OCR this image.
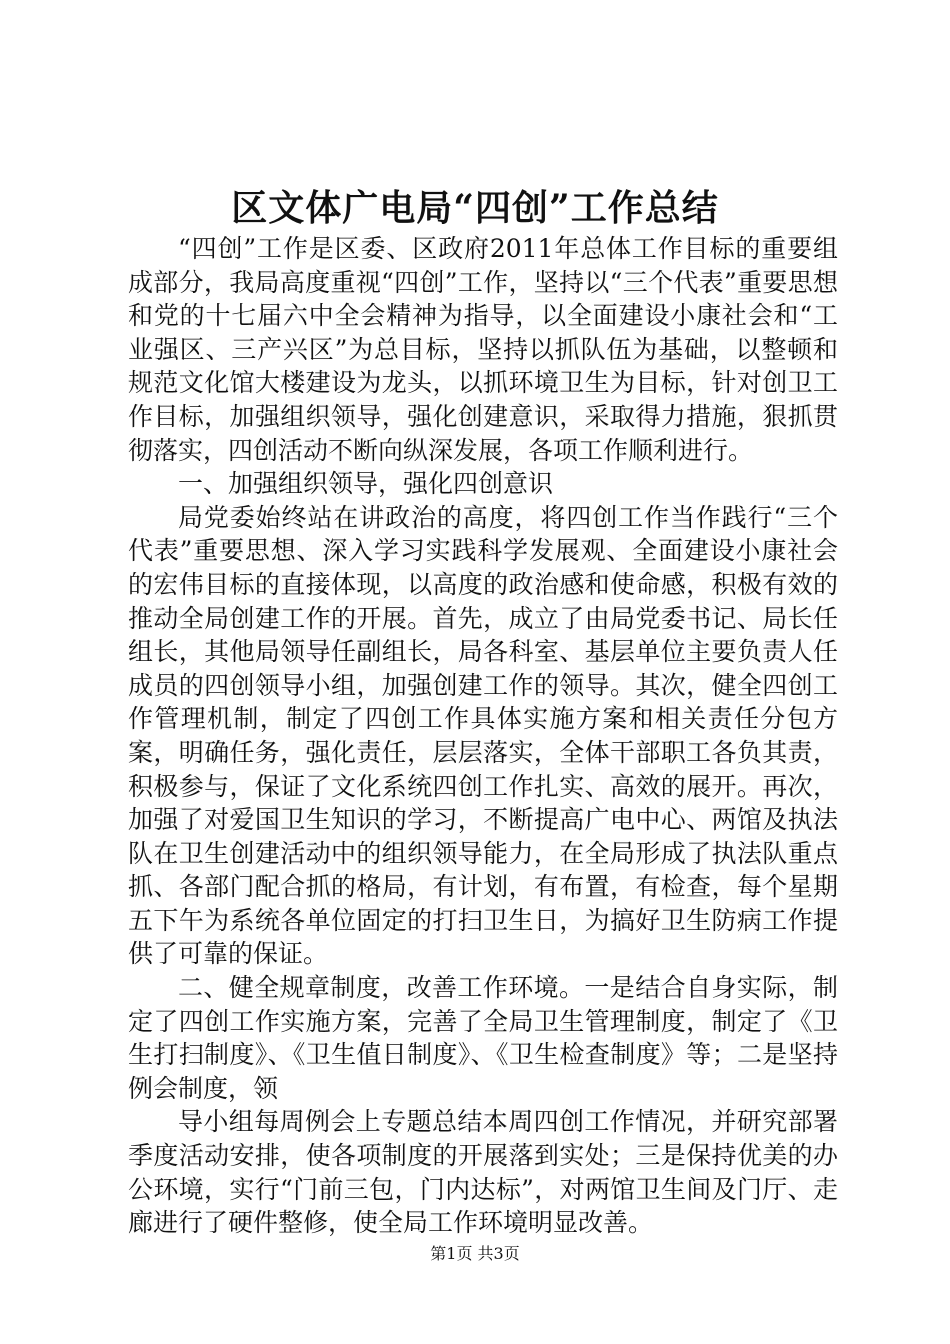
区文体广电局“四创”工作总结

“四创”工作是区委、区政府2011年总体工作目标的重要组成部分，我局高度重视“四创”工作，坚持以“三个代表”重要思想和党的十七届六中全会精神为指导，以全面建设小康社会和“工业强区、三产兴区”为总目标，坚持以抓队伍为基础，以整顿和规范文化馆大楼建设为龙头，以抓环境卫生为目标，针对创卫工作目标，加强组织领导，强化创建意识，采取得力措施，狠抓贯彻落实，四创活动不断向纵深发展，各项工作顺利进行。

一、加强组织领导，强化四创意识

局党委始终站在讲政治的高度，将四创工作当作践行“三个代表”重要思想、深入学习实践科学发展观、全面建设小康社会的宏伟目标的直接体现，以高度的政治感和使命感，积极有效的推动全局创建工作的开展。首先，成立了由局党委书记、局长任组长，其他局领导任副组长，局各科室、基层单位主要负责人任成员的四创领导小组，加强创建工作的领导。其次，健全四创工作管理机制，制定了四创工作具体实施方案和相关责任分包方案，明确任务，强化责任，层层落实，全体干部职工各负其责，积极参与，保证了文化系统四创工作扎实、高效的展开。再次，加强了对爱国卫生知识的学习，不断提高广电中心、两馆及执法队在卫生创建活动中的组织领导能力，在全局形成了执法队重点抓、各部门配合抓的格局，有计划，有布置，有检查，每个星期五下午为系统各单位固定的打扫卫生日，为搞好卫生防病工作提供了可靠的保证。

二、健全规章制度，改善工作环境。一是结合自身实际，制定了四创工作实施方案，完善了全局卫生管理制度，制定了《卫生打扫制度》、《卫生值日制度》、《卫生检查制度》等；二是坚持例会制度，领

导小组每周例会上专题总结本周四创工作情况，并研究部署季度活动安排，使各项制度的开展落到实处；三是保持优美的办公环境，实行“门前三包，门内达标”，对两馆卫生间及门厅、走廊进行了硬件整修，使全局工作环境明显改善。

第1页 共3页
